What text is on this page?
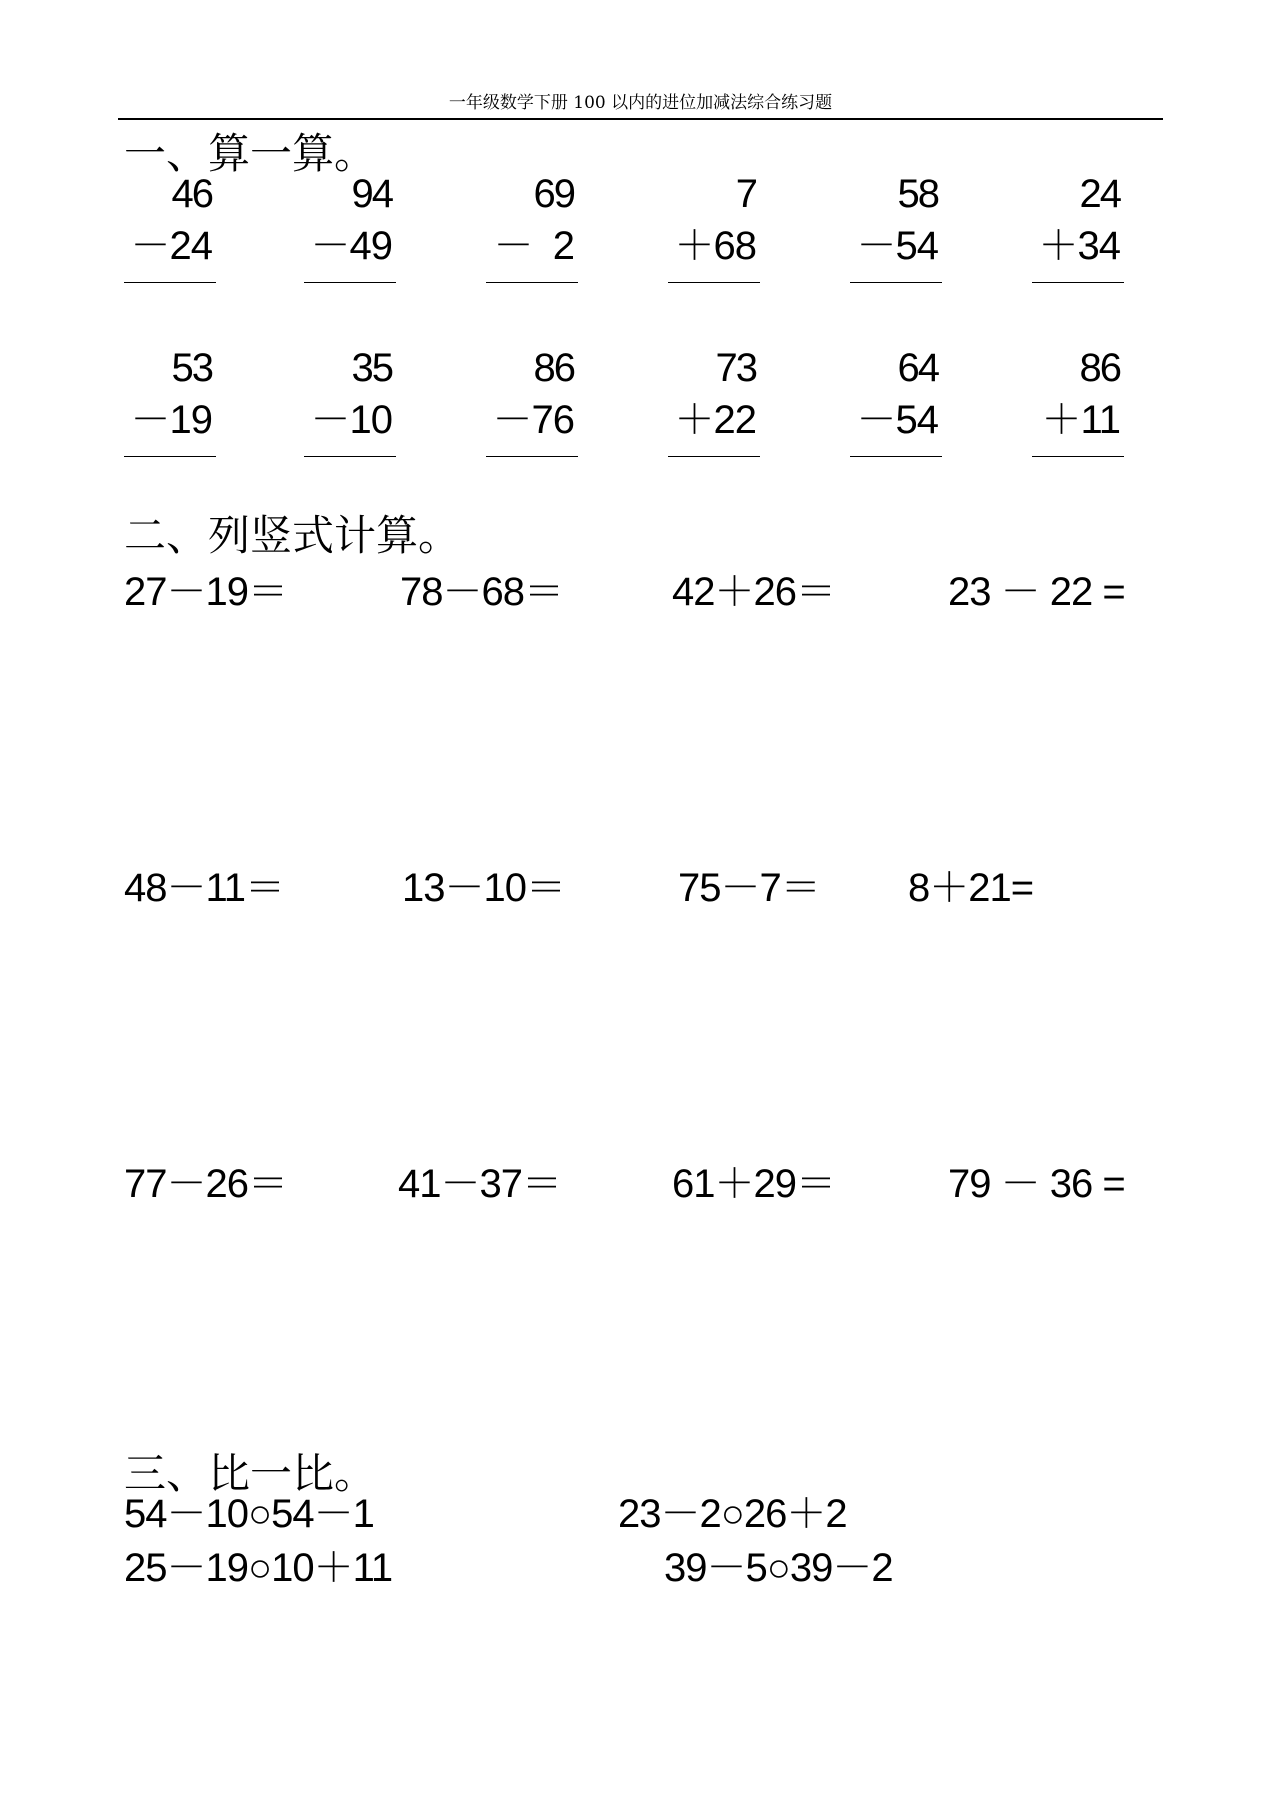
一年级数学下册 100 以内的进位加减法综合练习题
一、算一算。
46
－24
94
－49
69
－  2
7
＋68
58
－54
24
＋34
53
－19
35
－10
86
－76
73
＋22
64
－54
86
＋11
二、列竖式计算。
27－19＝	78－68＝	42＋26＝	23 － 22 =
48－11＝	13－10＝	75－7＝ 8＋21=
77－26＝	41－37＝	61＋29＝	79 － 36 =
三、比一比。
54－10○54－1	23－2○26＋2
25－19○10＋11	39－5○39－2
